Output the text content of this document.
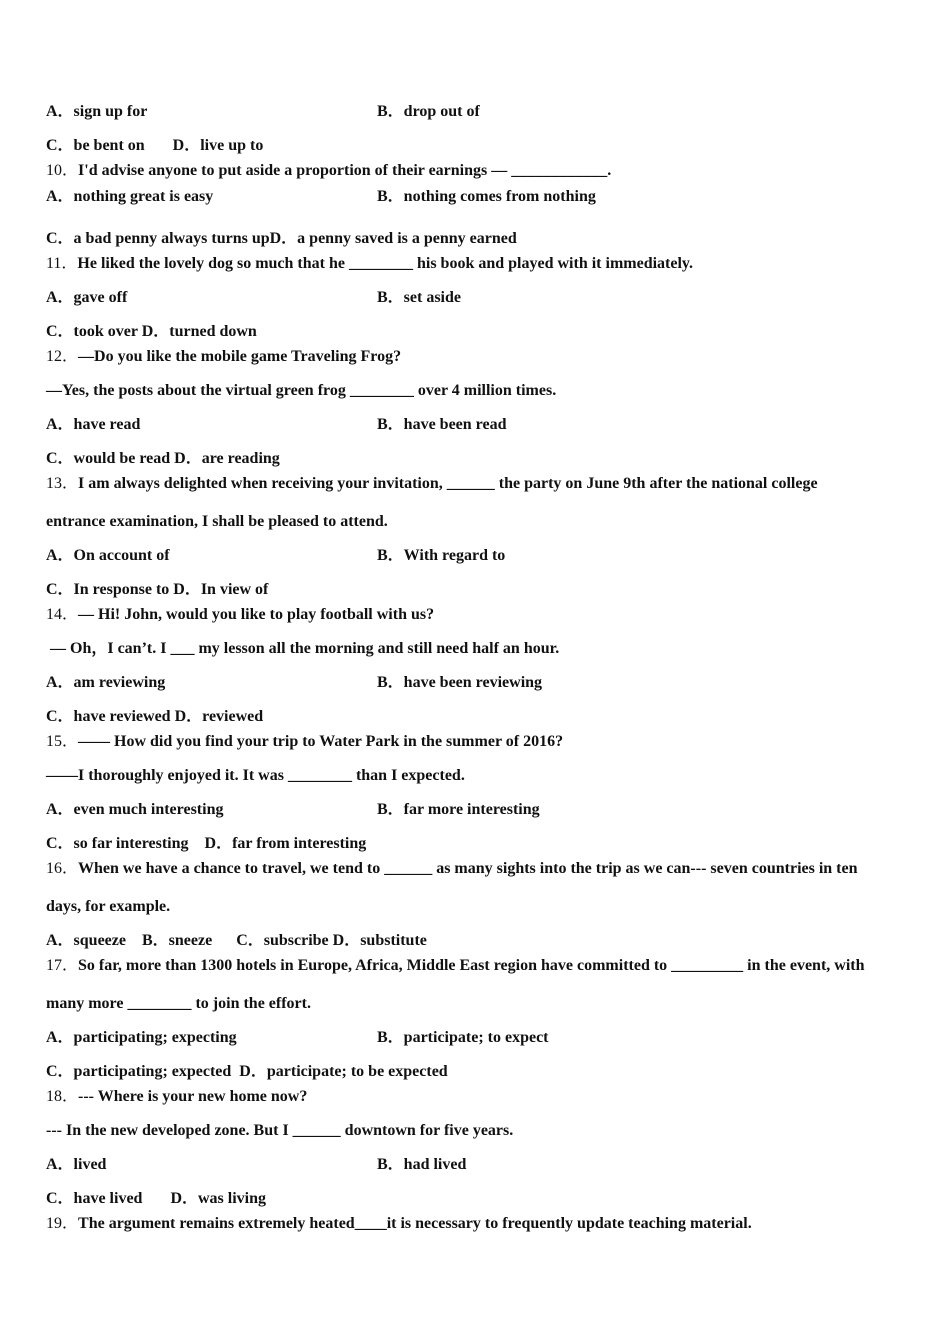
A．sign up for	B．drop out of
C．be bent on       D．live up to
10．I'd advise anyone to put aside a proportion of their earnings — ____________.
A．nothing great is easy	B．nothing comes from nothing
C．a bad penny always turns upD．a penny saved is a penny earned
11．He liked the lovely dog so much that he ________ his book and played with it immediately.
A．gave off	B．set aside
C．took over D．turned down
12．—Do you like the mobile game Traveling Frog?
—Yes, the posts about the virtual green frog ________ over 4 million times.
A．have read	B．have been read
C．would be read D．are reading
13．I am always delighted when receiving your invitation, ______ the party on June 9th after the national college
entrance examination, I shall be pleased to attend.
A．On account of	B．With regard to
C．In response to D．In view of
14．— Hi! John, would you like to play football with us?
— Oh，I can’t. I ___ my lesson all the morning and still need half an hour.
A．am reviewing	B．have been reviewing
C．have reviewed D．reviewed
15．—— How did you find your trip to Water Park in the summer of 2016?
——I thoroughly enjoyed it. It was ________ than I expected.
A．even much interesting	B．far more interesting
C．so far interesting    D．far from interesting
16．When we have a chance to travel, we tend to ______ as many sights into the trip as we can--- seven countries in ten
days, for example.
A．squeeze    B．sneeze      C．subscribe D．substitute
17．So far, more than 1300 hotels in Europe, Africa, Middle East region have committed to _________ in the event, with
many more ________ to join the effort.
A．participating; expecting	B．participate; to expect
C．participating; expected  D．participate; to be expected
18．--- Where is your new home now?
--- In the new developed zone. But I ______ downtown for five years.
A．lived	B．had lived
C．have lived       D．was living
19．The argument remains extremely heated____it is necessary to frequently update teaching material.
